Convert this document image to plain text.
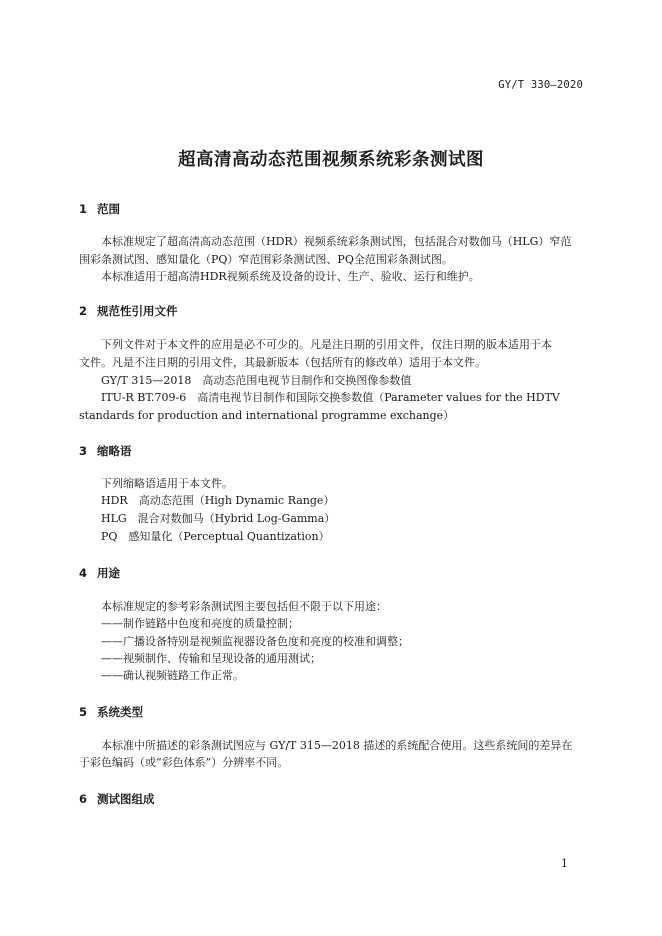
GY/T 330—2020
超高清高动态范围视频系统彩条测试图
1 范围
本标准规定了超高清高动态范围（HDR）视频系统彩条测试图，包括混合对数伽马（HLG）窄范
围彩条测试图、感知量化（PQ）窄范围彩条测试图、PQ全范围彩条测试图。
本标准适用于超高清HDR视频系统及设备的设计、生产、验收、运行和维护。
2 规范性引用文件
下列文件对于本文件的应用是必不可少的。凡是注日期的引用文件，仅注日期的版本适用于本
文件。凡是不注日期的引用文件，其最新版本（包括所有的修改单）适用于本文件。
GY/T 315—2018　高动态范围电视节目制作和交换图像参数值
ITU-R BT.709-6　高清电视节目制作和国际交换参数值（Parameter values for the HDTV
standards for production and international programme exchange）
3 缩略语
下列缩略语适用于本文件。
HDR　高动态范围（High Dynamic Range）
HLG　混合对数伽马（Hybrid Log-Gamma）
PQ　感知量化（Perceptual Quantization）
4 用途
本标准规定的参考彩条测试图主要包括但不限于以下用途：
——制作链路中色度和亮度的质量控制；
——广播设备特别是视频监视器设备色度和亮度的校准和调整；
——视频制作、传输和呈现设备的通用测试；
——确认视频链路工作正常。
5 系统类型
本标准中所描述的彩条测试图应与 GY/T 315—2018 描述的系统配合使用。这些系统间的差异在
于彩色编码（或“彩色体系”）分辨率不同。
6 测试图组成
1
